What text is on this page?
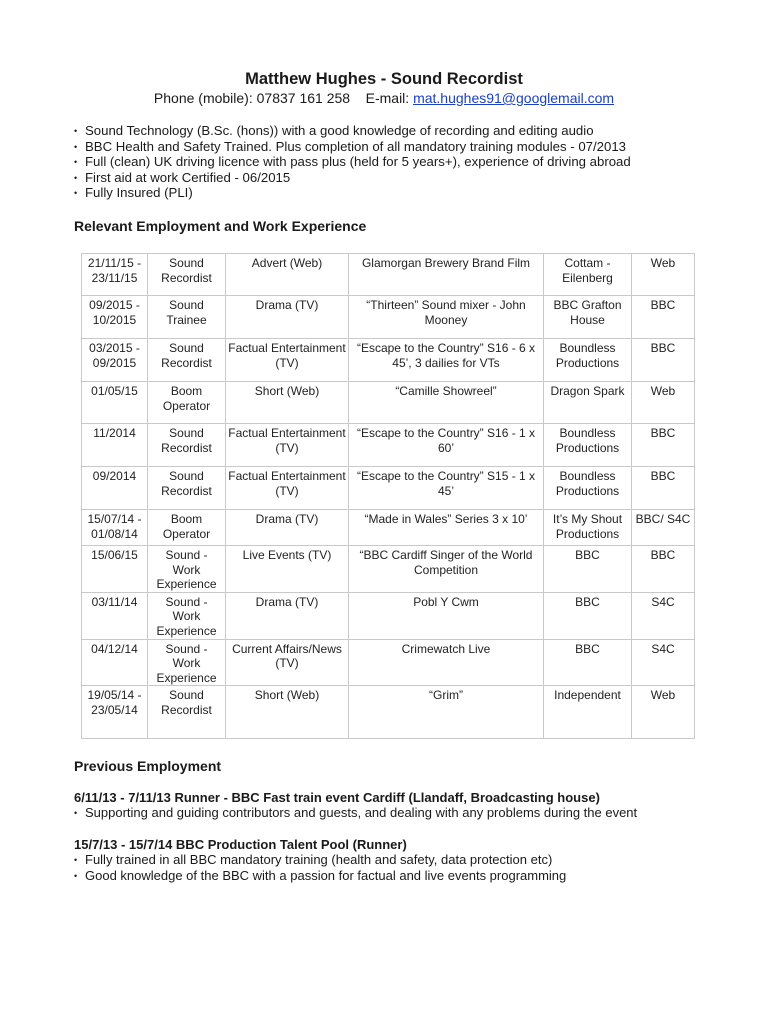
Matthew Hughes - Sound Recordist
Phone (mobile): 07837 161 258 E-mail: mat.hughes91@googlemail.com
• Sound Technology (B.Sc. (hons)) with a good knowledge of recording and editing audio
• BBC Health and Safety Trained. Plus completion of all mandatory training modules - 07/2013
• Full (clean) UK driving licence with pass plus (held for 5 years+), experience of driving abroad
• First aid at work Certified - 06/2015
• Fully Insured (PLI)
Relevant Employment and Work Experience
21/11/15 - 23/11/15	Sound Recordist	Advert (Web)	Glamorgan Brewery Brand Film	Cottam - Eilenberg	Web
09/2015 - 10/2015	Sound Trainee	Drama (TV)	“Thirteen” Sound mixer - John Mooney	BBC Grafton House	BBC
03/2015 - 09/2015	Sound Recordist	Factual Entertainment (TV)	“Escape to the Country” S16 - 6 x 45’, 3 dailies for VTs	Boundless Productions	BBC
01/05/15	Boom Operator	Short (Web)	“Camille Showreel”	Dragon Spark	Web
11/2014	Sound Recordist	Factual Entertainment (TV)	“Escape to the Country” S16 - 1 x 60’	Boundless Productions	BBC
09/2014	Sound Recordist	Factual Entertainment (TV)	“Escape to the Country” S15 - 1 x 45’	Boundless Productions	BBC
15/07/14 - 01/08/14	Boom Operator	Drama (TV)	“Made in Wales” Series 3 x 10’	It’s My Shout Productions	BBC/ S4C
15/06/15	Sound - Work Experience	Live Events (TV)	“BBC Cardiff Singer of the World Competition	BBC	BBC
03/11/14	Sound - Work Experience	Drama (TV)	Pobl Y Cwm	BBC	S4C
04/12/14	Sound - Work Experience	Current Affairs/News (TV)	Crimewatch Live	BBC	S4C
19/05/14 - 23/05/14	Sound Recordist	Short (Web)	“Grim”	Independent	Web
Previous Employment
6/11/13 - 7/11/13 Runner - BBC Fast train event Cardiff (Llandaff, Broadcasting house)
• Supporting and guiding contributors and guests, and dealing with any problems during the event
15/7/13 - 15/7/14 BBC Production Talent Pool (Runner)
• Fully trained in all BBC mandatory training (health and safety, data protection etc)
• Good knowledge of the BBC with a passion for factual and live events programming
